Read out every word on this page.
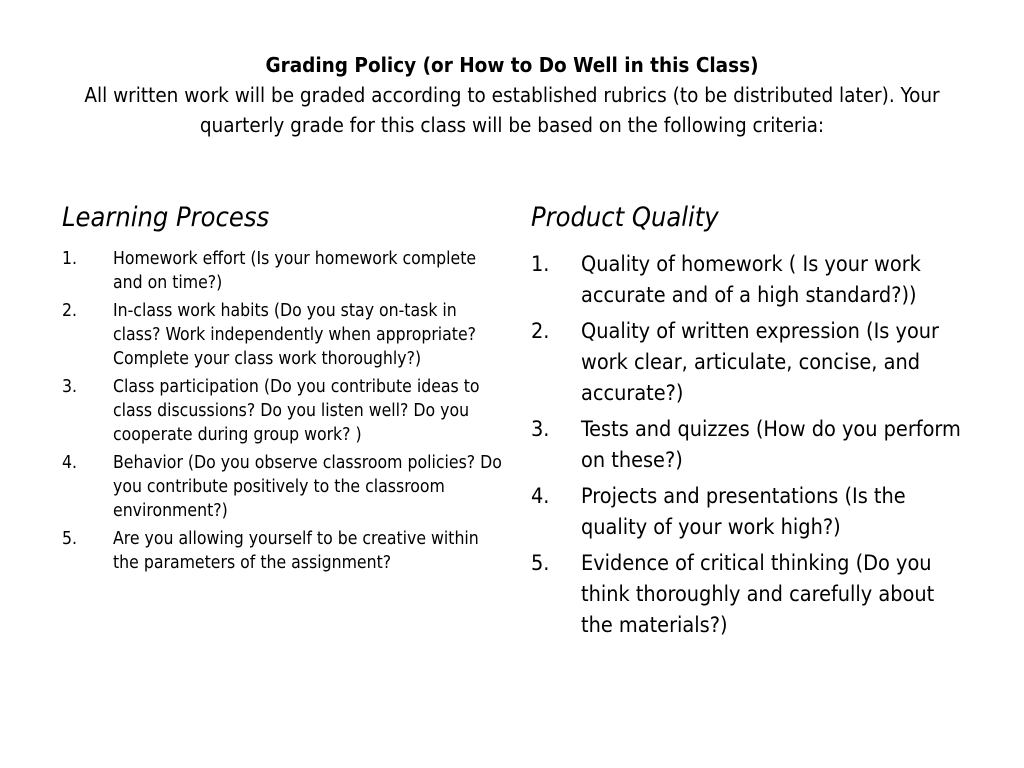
Grading Policy (or How to Do Well in this Class)
All written work will be graded according to established rubrics (to be distributed later). Your quarterly grade for this class will be based on the following criteria:
Learning Process
1. Homework effort (Is your homework complete and on time?)
2. In-class work habits (Do you stay on-task in class? Work independently when appropriate? Complete your class work thoroughly?)
3. Class participation (Do you contribute ideas to class discussions? Do you listen well? Do you cooperate during group work? )
4. Behavior (Do you observe classroom policies? Do you contribute positively to the classroom environment?)
5. Are you allowing yourself to be creative within the parameters of the assignment?
Product Quality
1. Quality of homework ( Is your work accurate and of a high standard?))
2. Quality of written expression (Is your work clear, articulate, concise, and accurate?)
3. Tests and quizzes (How do you perform on these?)
4. Projects and presentations (Is the quality of your work high?)
5. Evidence of critical thinking (Do you think thoroughly and carefully about the materials?)
